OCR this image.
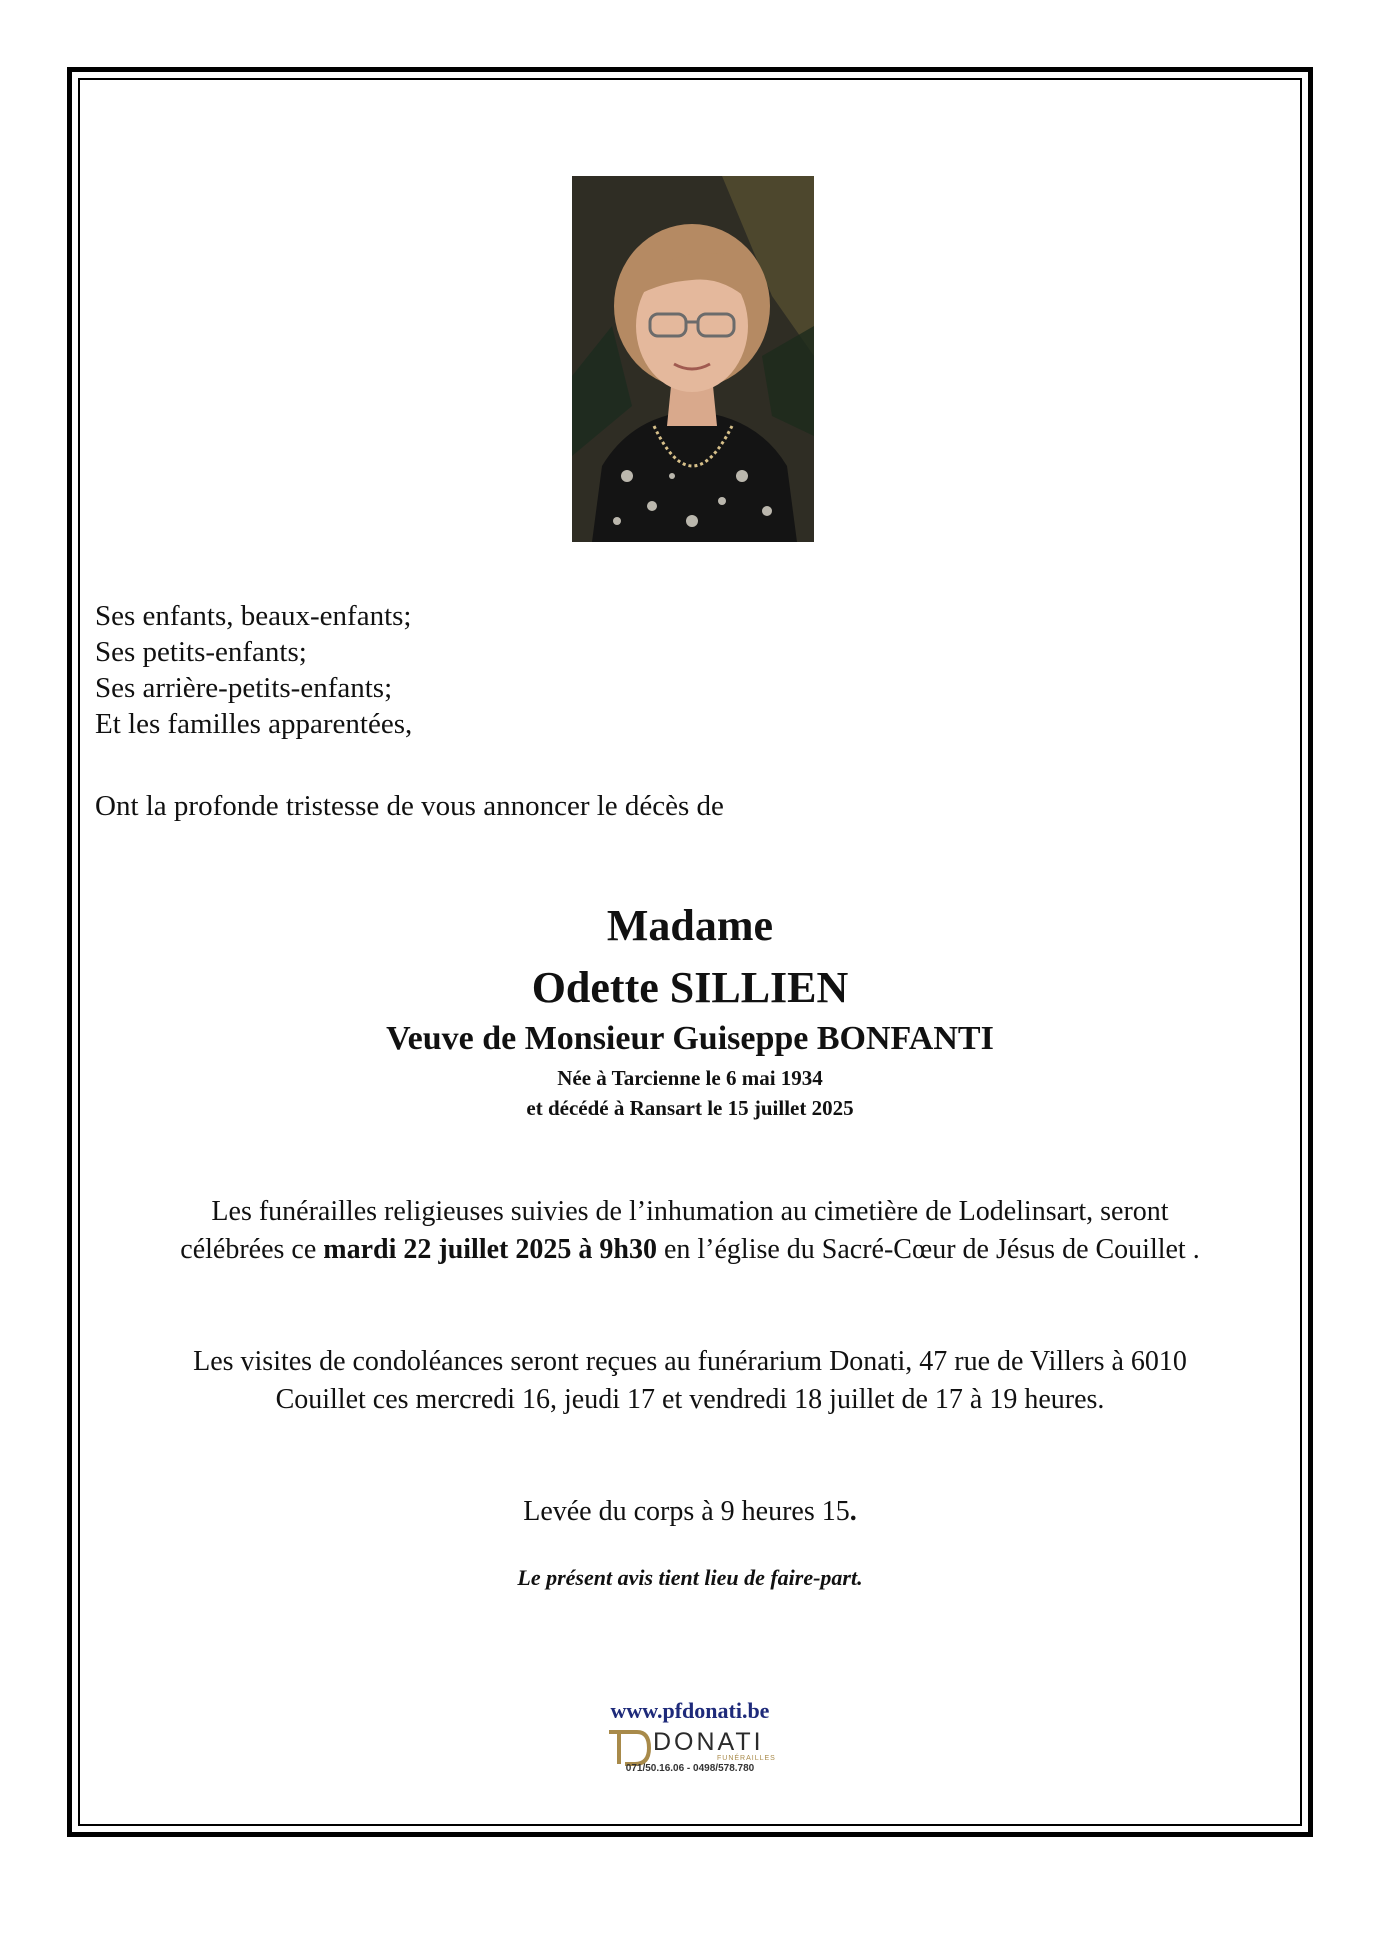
Ses enfants, beaux-enfants;
Ses petits-enfants;
Ses arrière-petits-enfants;
Et les familles apparentées,
Ont la profonde tristesse de vous annoncer le décès de
Madame
Odette SILLIEN
Veuve de Monsieur Guiseppe BONFANTI
Née à Tarcienne le 6 mai 1934
et décédé à Ransart le 15 juillet 2025
Les funérailles religieuses suivies de l’inhumation au cimetière de Lodelinsart, seront
célébrées ce mardi 22 juillet 2025 à 9h30 en l’église du Sacré-Cœur de Jésus de Couillet .
Les visites de condoléances seront reçues au funérarium Donati, 47 rue de Villers à 6010
Couillet ces mercredi 16, jeudi 17 et vendredi 18 juillet de 17 à 19 heures.
Levée du corps à 9 heures 15.
Le présent avis tient lieu de faire-part.
www.pfdonati.be
DONATI
FUNÉRAILLES
071/50.16.06 - 0498/578.780
